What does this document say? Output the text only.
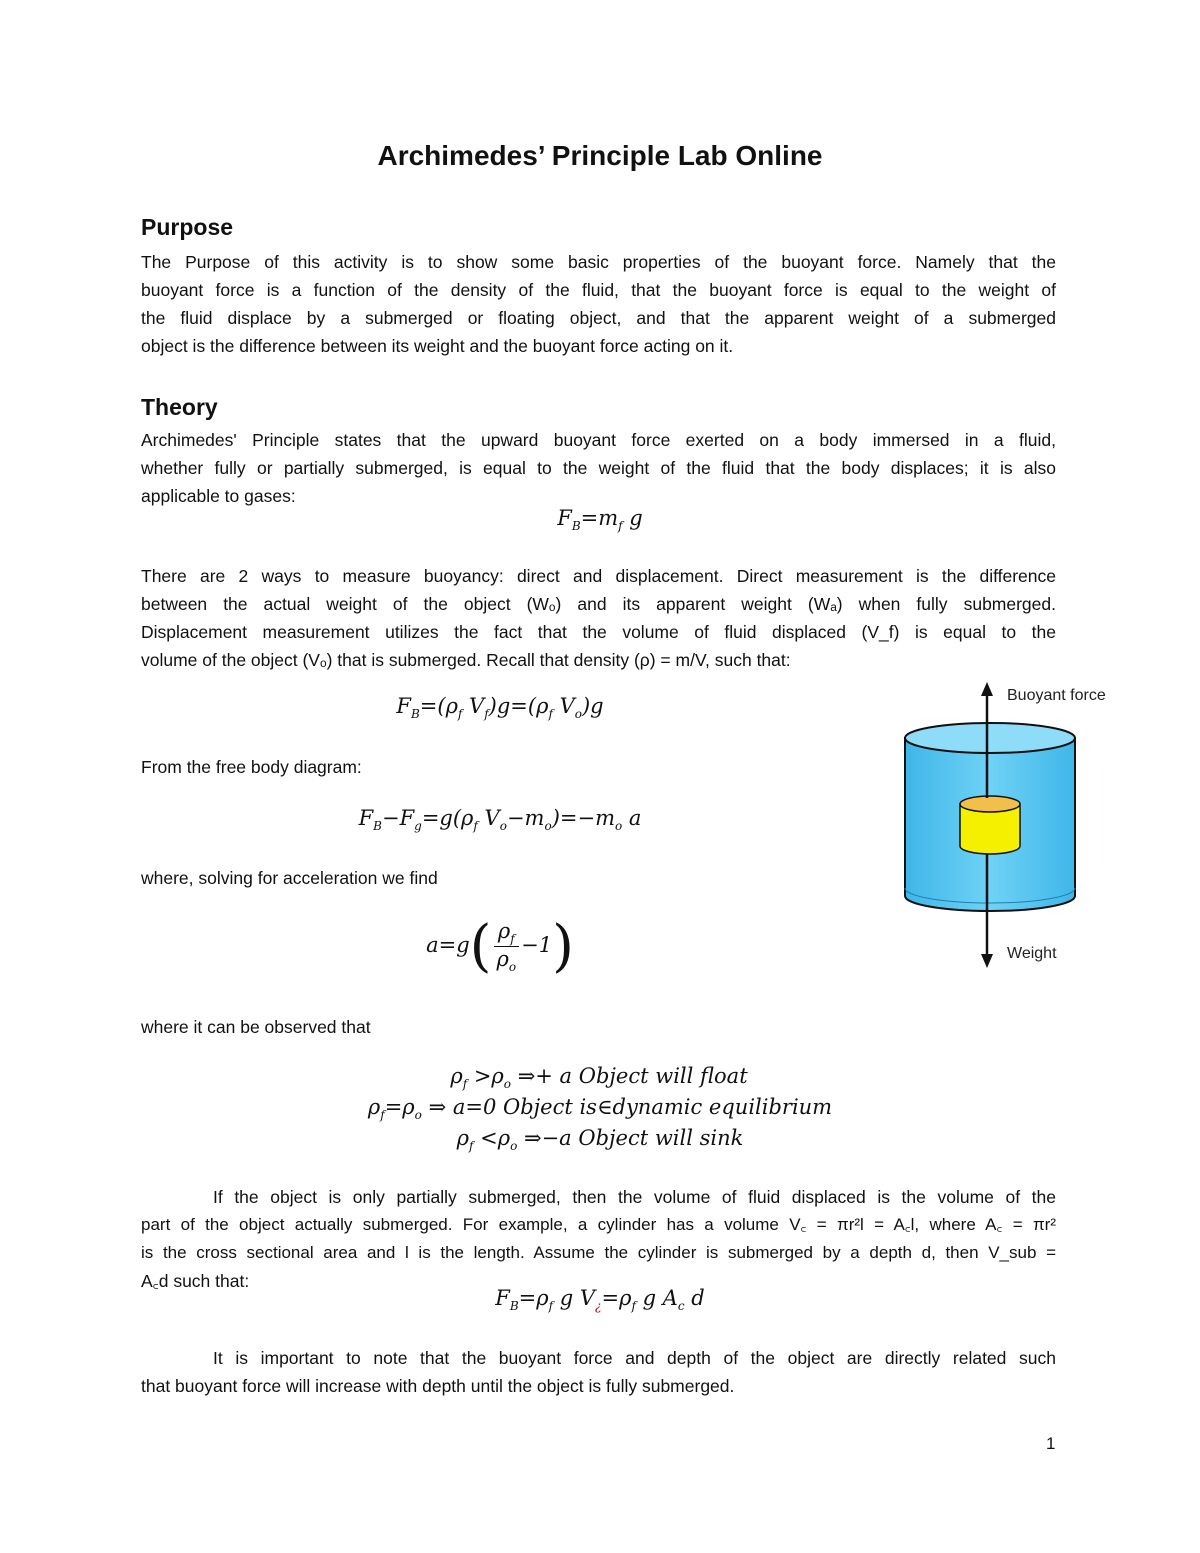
Archimedes’ Principle Lab Online
Purpose
The Purpose of this activity is to show some basic properties of the buoyant force. Namely that the
buoyant force is a function of the density of the fluid, that the buoyant force is equal to the weight of
the fluid displace by a submerged or floating object, and that the apparent weight of a submerged
object is the difference between its weight and the buoyant force acting on it.
Theory
Archimedes' Principle states that the upward buoyant force exerted on a body immersed in a fluid,
whether fully or partially submerged, is equal to the weight of the fluid that the body displaces; it is also
applicable to gases:
$F_B=m_f$ g
There are 2 ways to measure buoyancy: direct and displacement. Direct measurement is the difference
between the actual weight of the object (Wₒ) and its apparent weight (Wₐ) when fully submerged.
Displacement measurement utilizes the fact that the volume of fluid displaced (V_f) is equal to the
volume of the object (Vₒ) that is submerged. Recall that density (ρ) = m/V, such that:
$F_B=(\rho_f$ $V_f)g=(\rho_f$ $V_o)g$
From the free body diagram:
$F_B-F_g=g(\rho_f$ $V_o-m_o)=-m_o$ a
where, solving for acceleration we find
$a=g( \frac{\rho_f}{\rho_o} -1)$
where it can be observed that
$\rho_f >\rho_o$ ⇒+ a Object will float
$\rho_f=\rho_o$ ⇒ a=0 Object is∈dynamic equilibrium
$\rho_f <\rho_o$ ⇒−a Object will sink
If the object is only partially submerged, then the volume of fluid displaced is the volume of the
part of the object actually submerged. For example, a cylinder has a volume V꜀ = πr²l = A꜀l, where A꜀ = πr²
is the cross sectional area and l is the length. Assume the cylinder is submerged by a depth d, then V_sub =
A꜀d such that:
$F_B=\rho_f$ g $V_¿=\rho_f$ g $A_c$ d
It is important to note that the buoyant force and depth of the object are directly related such
that buoyant force will increase with depth until the object is fully submerged.
1
Buoyant force
Weight
